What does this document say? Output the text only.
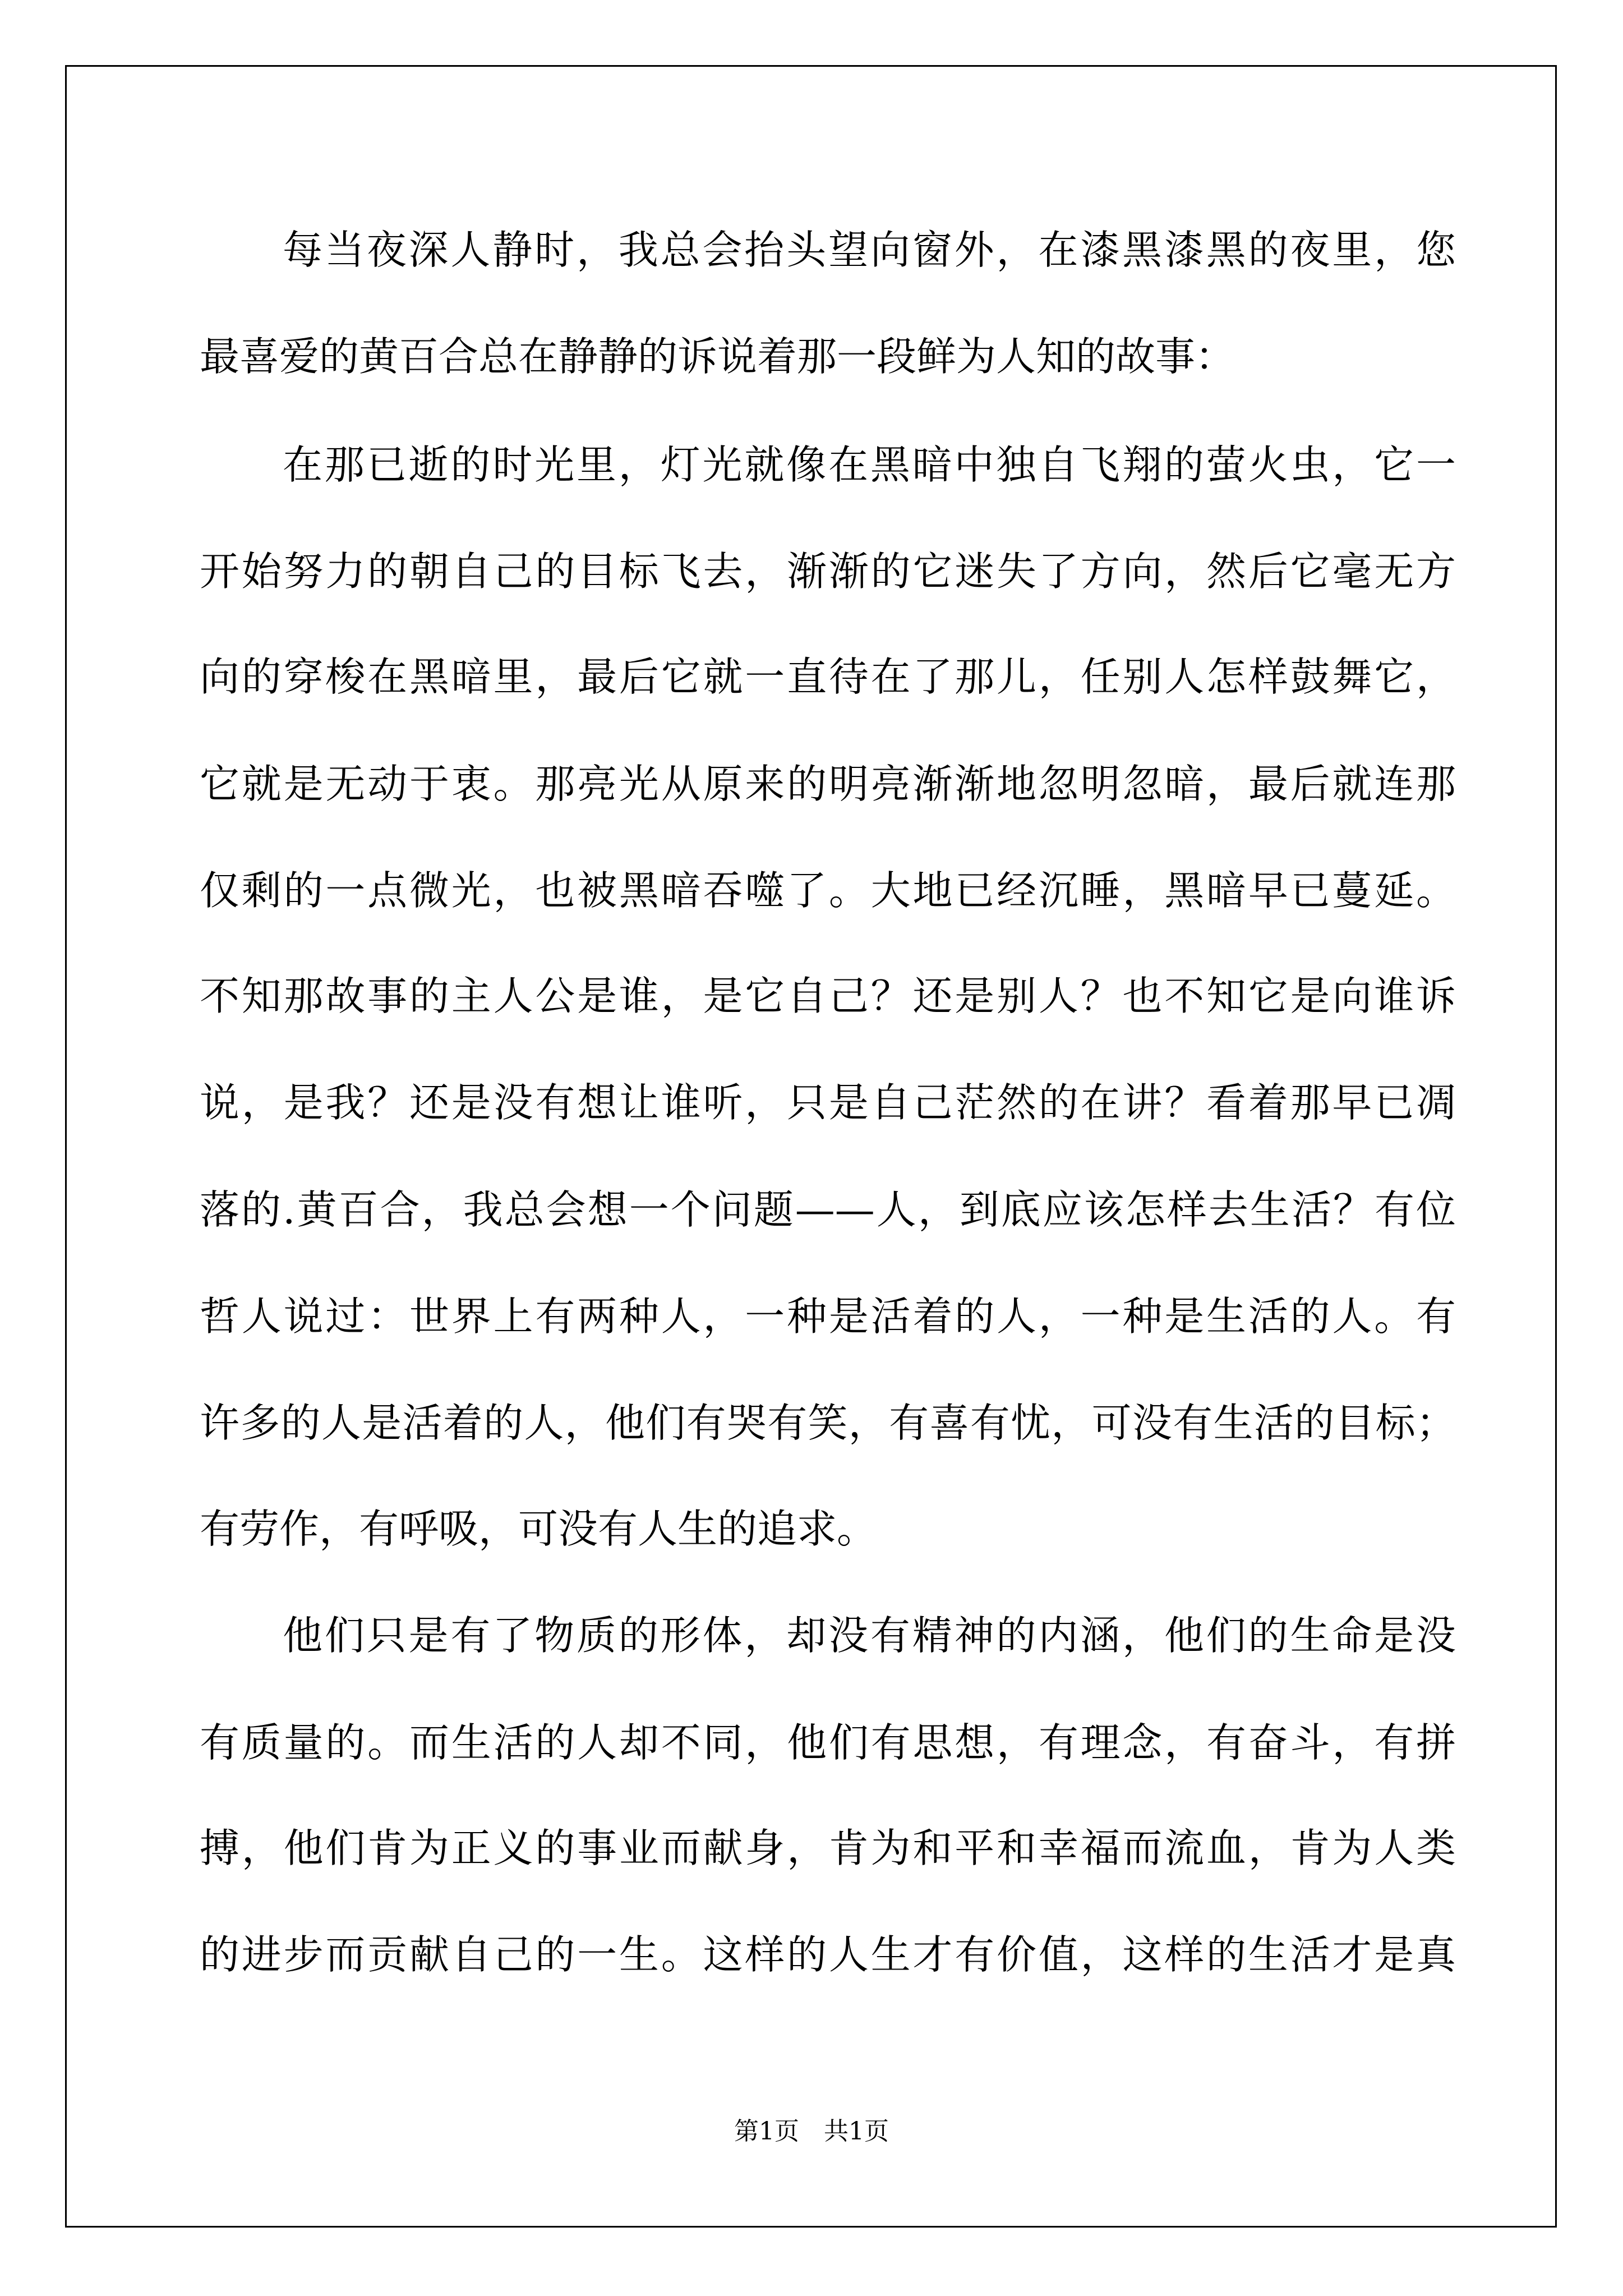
每当夜深人静时，我总会抬头望向窗外，在漆黑漆黑的夜里，您
最喜爱的黄百合总在静静的诉说着那一段鲜为人知的故事：
在那已逝的时光里，灯光就像在黑暗中独自飞翔的萤火虫，它一
开始努力的朝自己的目标飞去，渐渐的它迷失了方向，然后它毫无方
向的穿梭在黑暗里，最后它就一直待在了那儿，任别人怎样鼓舞它，
它就是无动于衷。那亮光从原来的明亮渐渐地忽明忽暗，最后就连那
仅剩的一点微光，也被黑暗吞噬了。大地已经沉睡，黑暗早已蔓延。
不知那故事的主人公是谁，是它自己？还是别人？也不知它是向谁诉
说，是我？还是没有想让谁听，只是自己茫然的在讲？看着那早已凋
落的.黄百合，我总会想一个问题——人，到底应该怎样去生活？有位
哲人说过：世界上有两种人，一种是活着的人，一种是生活的人。有
许多的人是活着的人，他们有哭有笑，有喜有忧，可没有生活的目标；
有劳作，有呼吸，可没有人生的追求。
他们只是有了物质的形体，却没有精神的内涵，他们的生命是没
有质量的。而生活的人却不同，他们有思想，有理念，有奋斗，有拼
搏，他们肯为正义的事业而献身，肯为和平和幸福而流血，肯为人类
的进步而贡献自己的一生。这样的人生才有价值，这样的生活才是真
第1页　共1页
